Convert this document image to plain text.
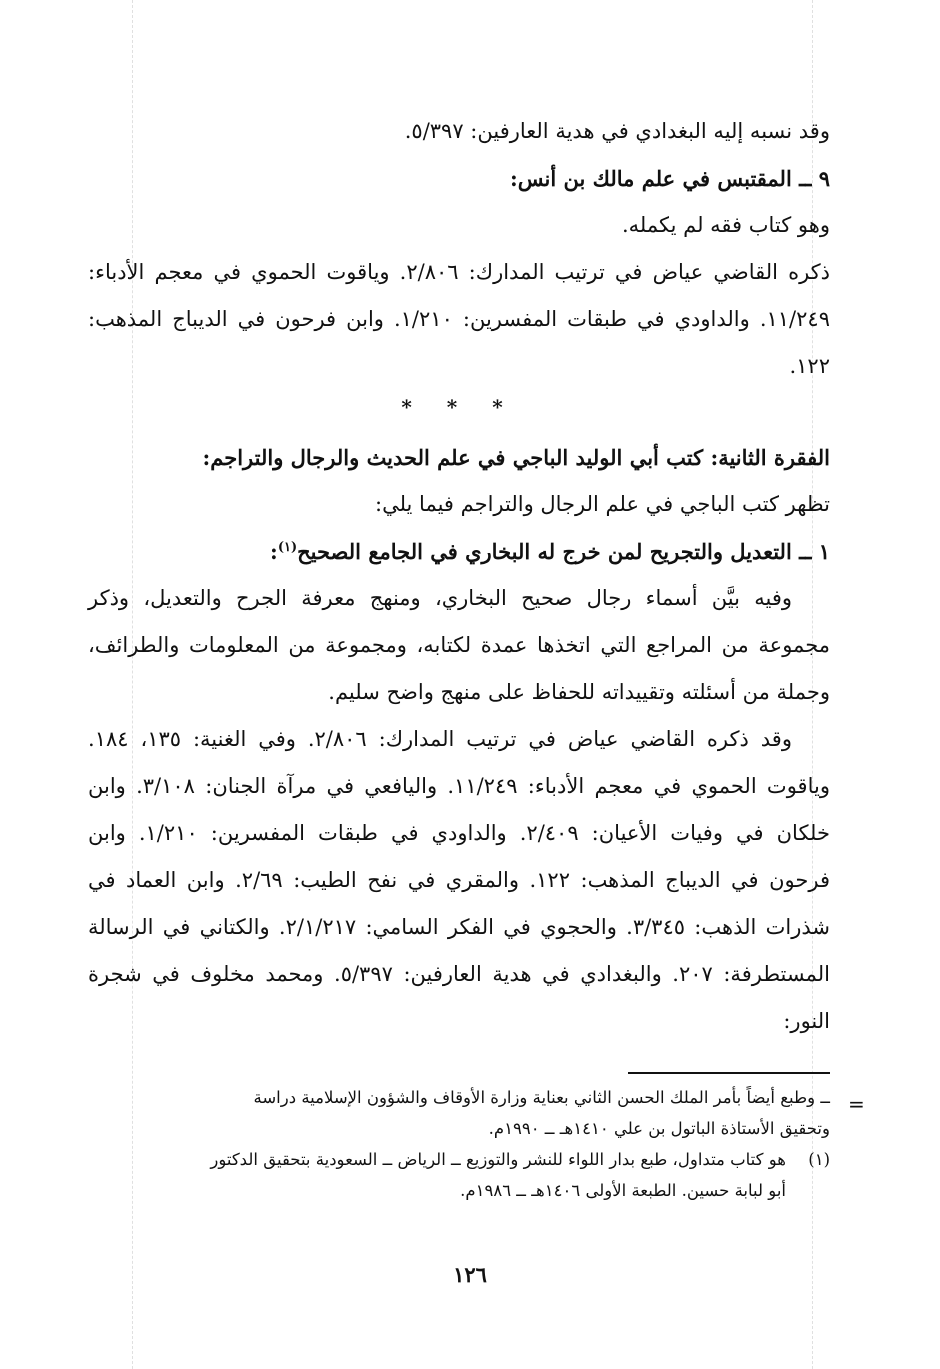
وقد نسبه إليه البغدادي في هدية العارفين: ٥/٣٩٧.

٩ ــ المقتبس في علم مالك بن أنس:

وهو كتاب فقه لم يكمله.

ذكره القاضي عياض في ترتيب المدارك: ٢/٨٠٦. وياقوت الحموي في معجم الأدباء: ١١/٢٤٩. والداودي في طبقات المفسرين: ١/٢١٠. وابن فرحون في الديباج المذهب: ١٢٢.

* * *

الفقرة الثانية: كتب أبي الوليد الباجي في علم الحديث والرجال والتراجم:

تظهر كتب الباجي في علم الرجال والتراجم فيما يلي:

١ ــ التعديل والتجريح لمن خرج له البخاري في الجامع الصحيح$^{(١)}$:

وفيه بيَّن أسماء رجال صحيح البخاري، ومنهج معرفة الجرح والتعديل، وذكر مجموعة من المراجع التي اتخذها عمدة لكتابه، ومجموعة من المعلومات والطرائف، وجملة من أسئلته وتقييداته للحفاظ على منهج واضح سليم.

وقد ذكره القاضي عياض في ترتيب المدارك: ٢/٨٠٦. وفي الغنية: ١٣٥، ١٨٤. وياقوت الحموي في معجم الأدباء: ١١/٢٤٩. واليافعي في مرآة الجنان: ٣/١٠٨. وابن خلكان في وفيات الأعيان: ٢/٤٠٩. والداودي في طبقات المفسرين: ١/٢١٠. وابن فرحون في الديباج المذهب: ١٢٢. والمقري في نفح الطيب: ٢/٦٩. وابن العماد في شذرات الذهب: ٣/٣٤٥. والحجوي في الفكر السامي: ٢/١/٢١٧. والكتاني في الرسالة المستطرفة: ٢٠٧. والبغدادي في هدية العارفين: ٥/٣٩٧. ومحمد مخلوف في شجرة النور:

=

ــ وطبع أيضاً بأمر الملك الحسن الثاني بعناية وزارة الأوقاف والشؤون الإسلامية دراسة

وتحقيق الأستاذة الباتول بن علي ١٤١٠هـ ــ ١٩٩٠م.

(١)هو كتاب متداول، طبع بدار اللواء للنشر والتوزيع ــ الرياض ــ السعودية بتحقيق الدكتور

أبو لبابة حسين. الطبعة الأولى ١٤٠٦هـ ــ ١٩٨٦م.

١٢٦
